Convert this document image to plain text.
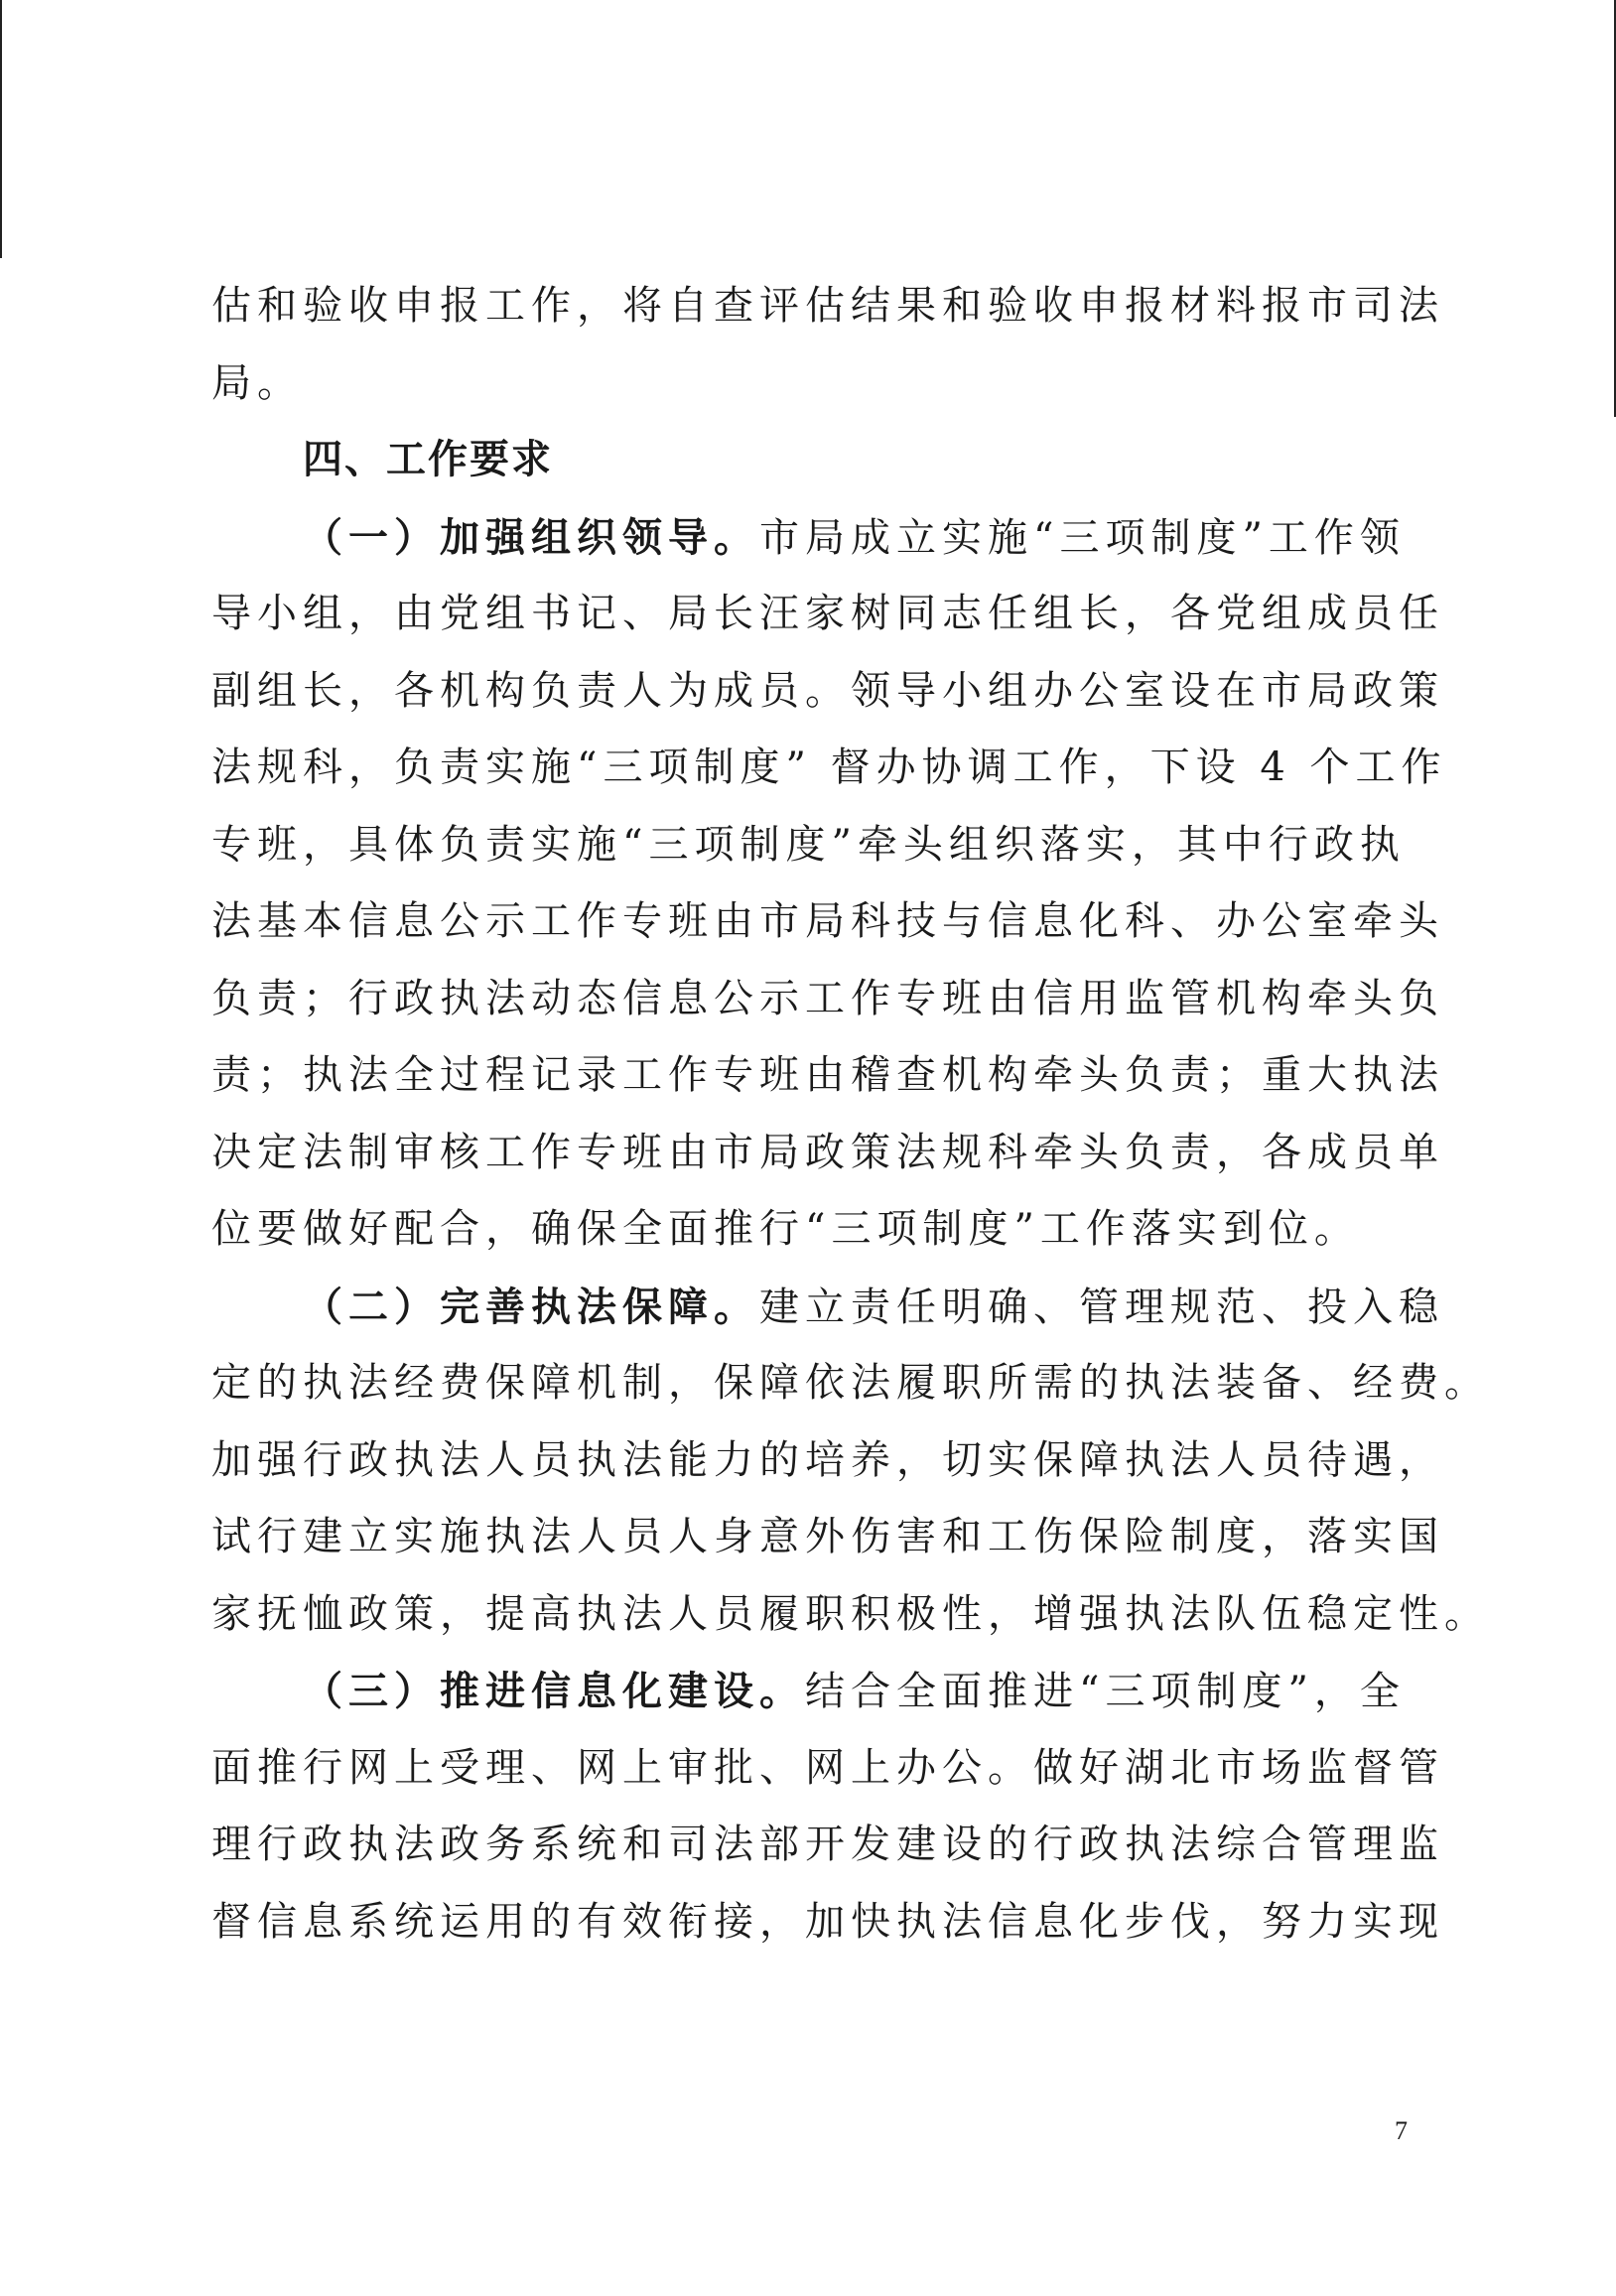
估和验收申报工作，将自查评估结果和验收申报材料报市司法
局。
四、工作要求
（一）加强组织领导。市局成立实施“三项制度”工作领
导小组，由党组书记、局长汪家树同志任组长，各党组成员任
副组长，各机构负责人为成员。领导小组办公室设在市局政策
法规科，负责实施“三项制度” 督办协调工作，下设 4 个工作
专班，具体负责实施“三项制度”牵头组织落实，其中行政执
法基本信息公示工作专班由市局科技与信息化科、办公室牵头
负责；行政执法动态信息公示工作专班由信用监管机构牵头负
责；执法全过程记录工作专班由稽查机构牵头负责；重大执法
决定法制审核工作专班由市局政策法规科牵头负责，各成员单
位要做好配合，确保全面推行“三项制度”工作落实到位。
（二）完善执法保障。建立责任明确、管理规范、投入稳
定的执法经费保障机制，保障依法履职所需的执法装备、经费。
加强行政执法人员执法能力的培养，切实保障执法人员待遇，
试行建立实施执法人员人身意外伤害和工伤保险制度，落实国
家抚恤政策，提高执法人员履职积极性，增强执法队伍稳定性。
（三）推进信息化建设。结合全面推进“三项制度”，全
面推行网上受理、网上审批、网上办公。做好湖北市场监督管
理行政执法政务系统和司法部开发建设的行政执法综合管理监
督信息系统运用的有效衔接，加快执法信息化步伐，努力实现
7
